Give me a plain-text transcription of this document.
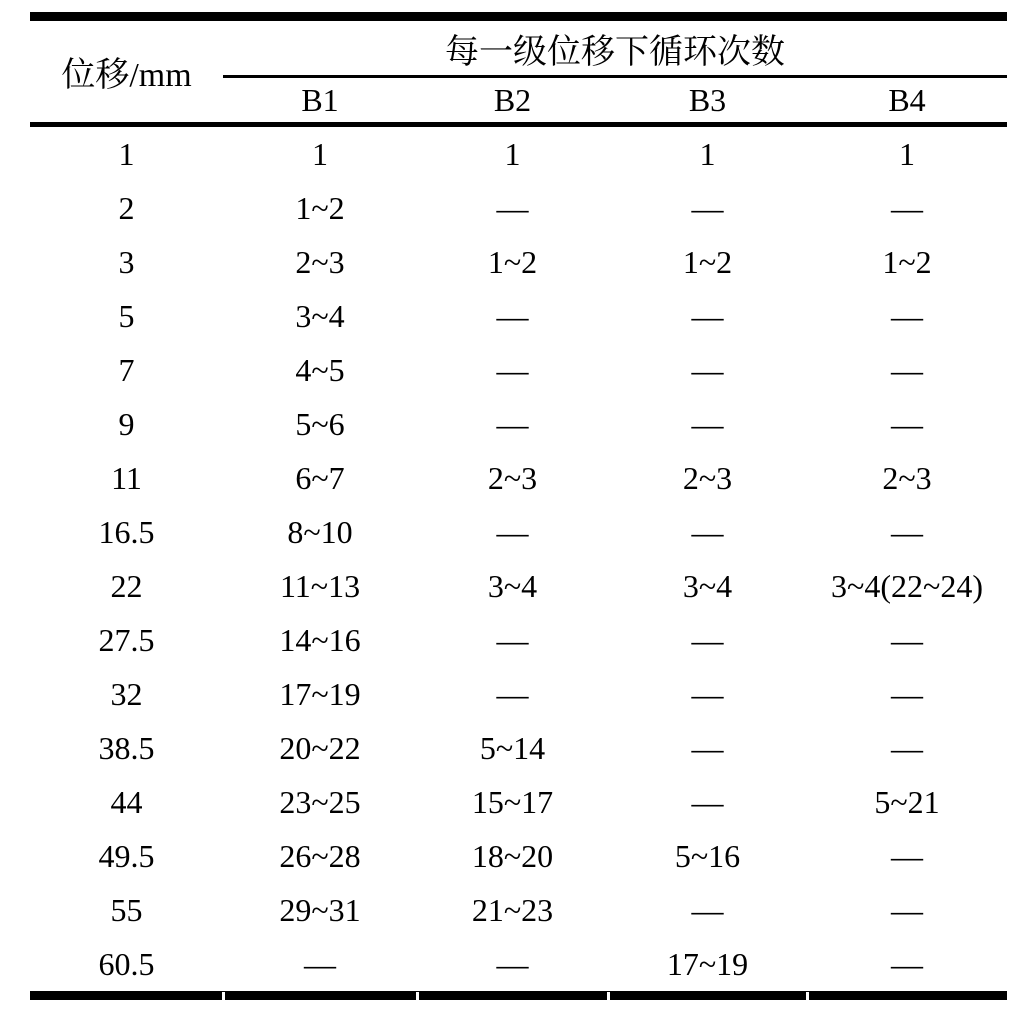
位移/mm	每一级位移下循环次数			
	B1	B2	B3	B4
1	1	1	1	1
2	1~2	—	—	—
3	2~3	1~2	1~2	1~2
5	3~4	—	—	—
7	4~5	—	—	—
9	5~6	—	—	—
11	6~7	2~3	2~3	2~3
16.5	8~10	—	—	—
22	11~13	3~4	3~4	3~4(22~24)
27.5	14~16	—	—	—
32	17~19	—	—	—
38.5	20~22	5~14	—	—
44	23~25	15~17	—	5~21
49.5	26~28	18~20	5~16	—
55	29~31	21~23	—	—
60.5	—	—	17~19	—
